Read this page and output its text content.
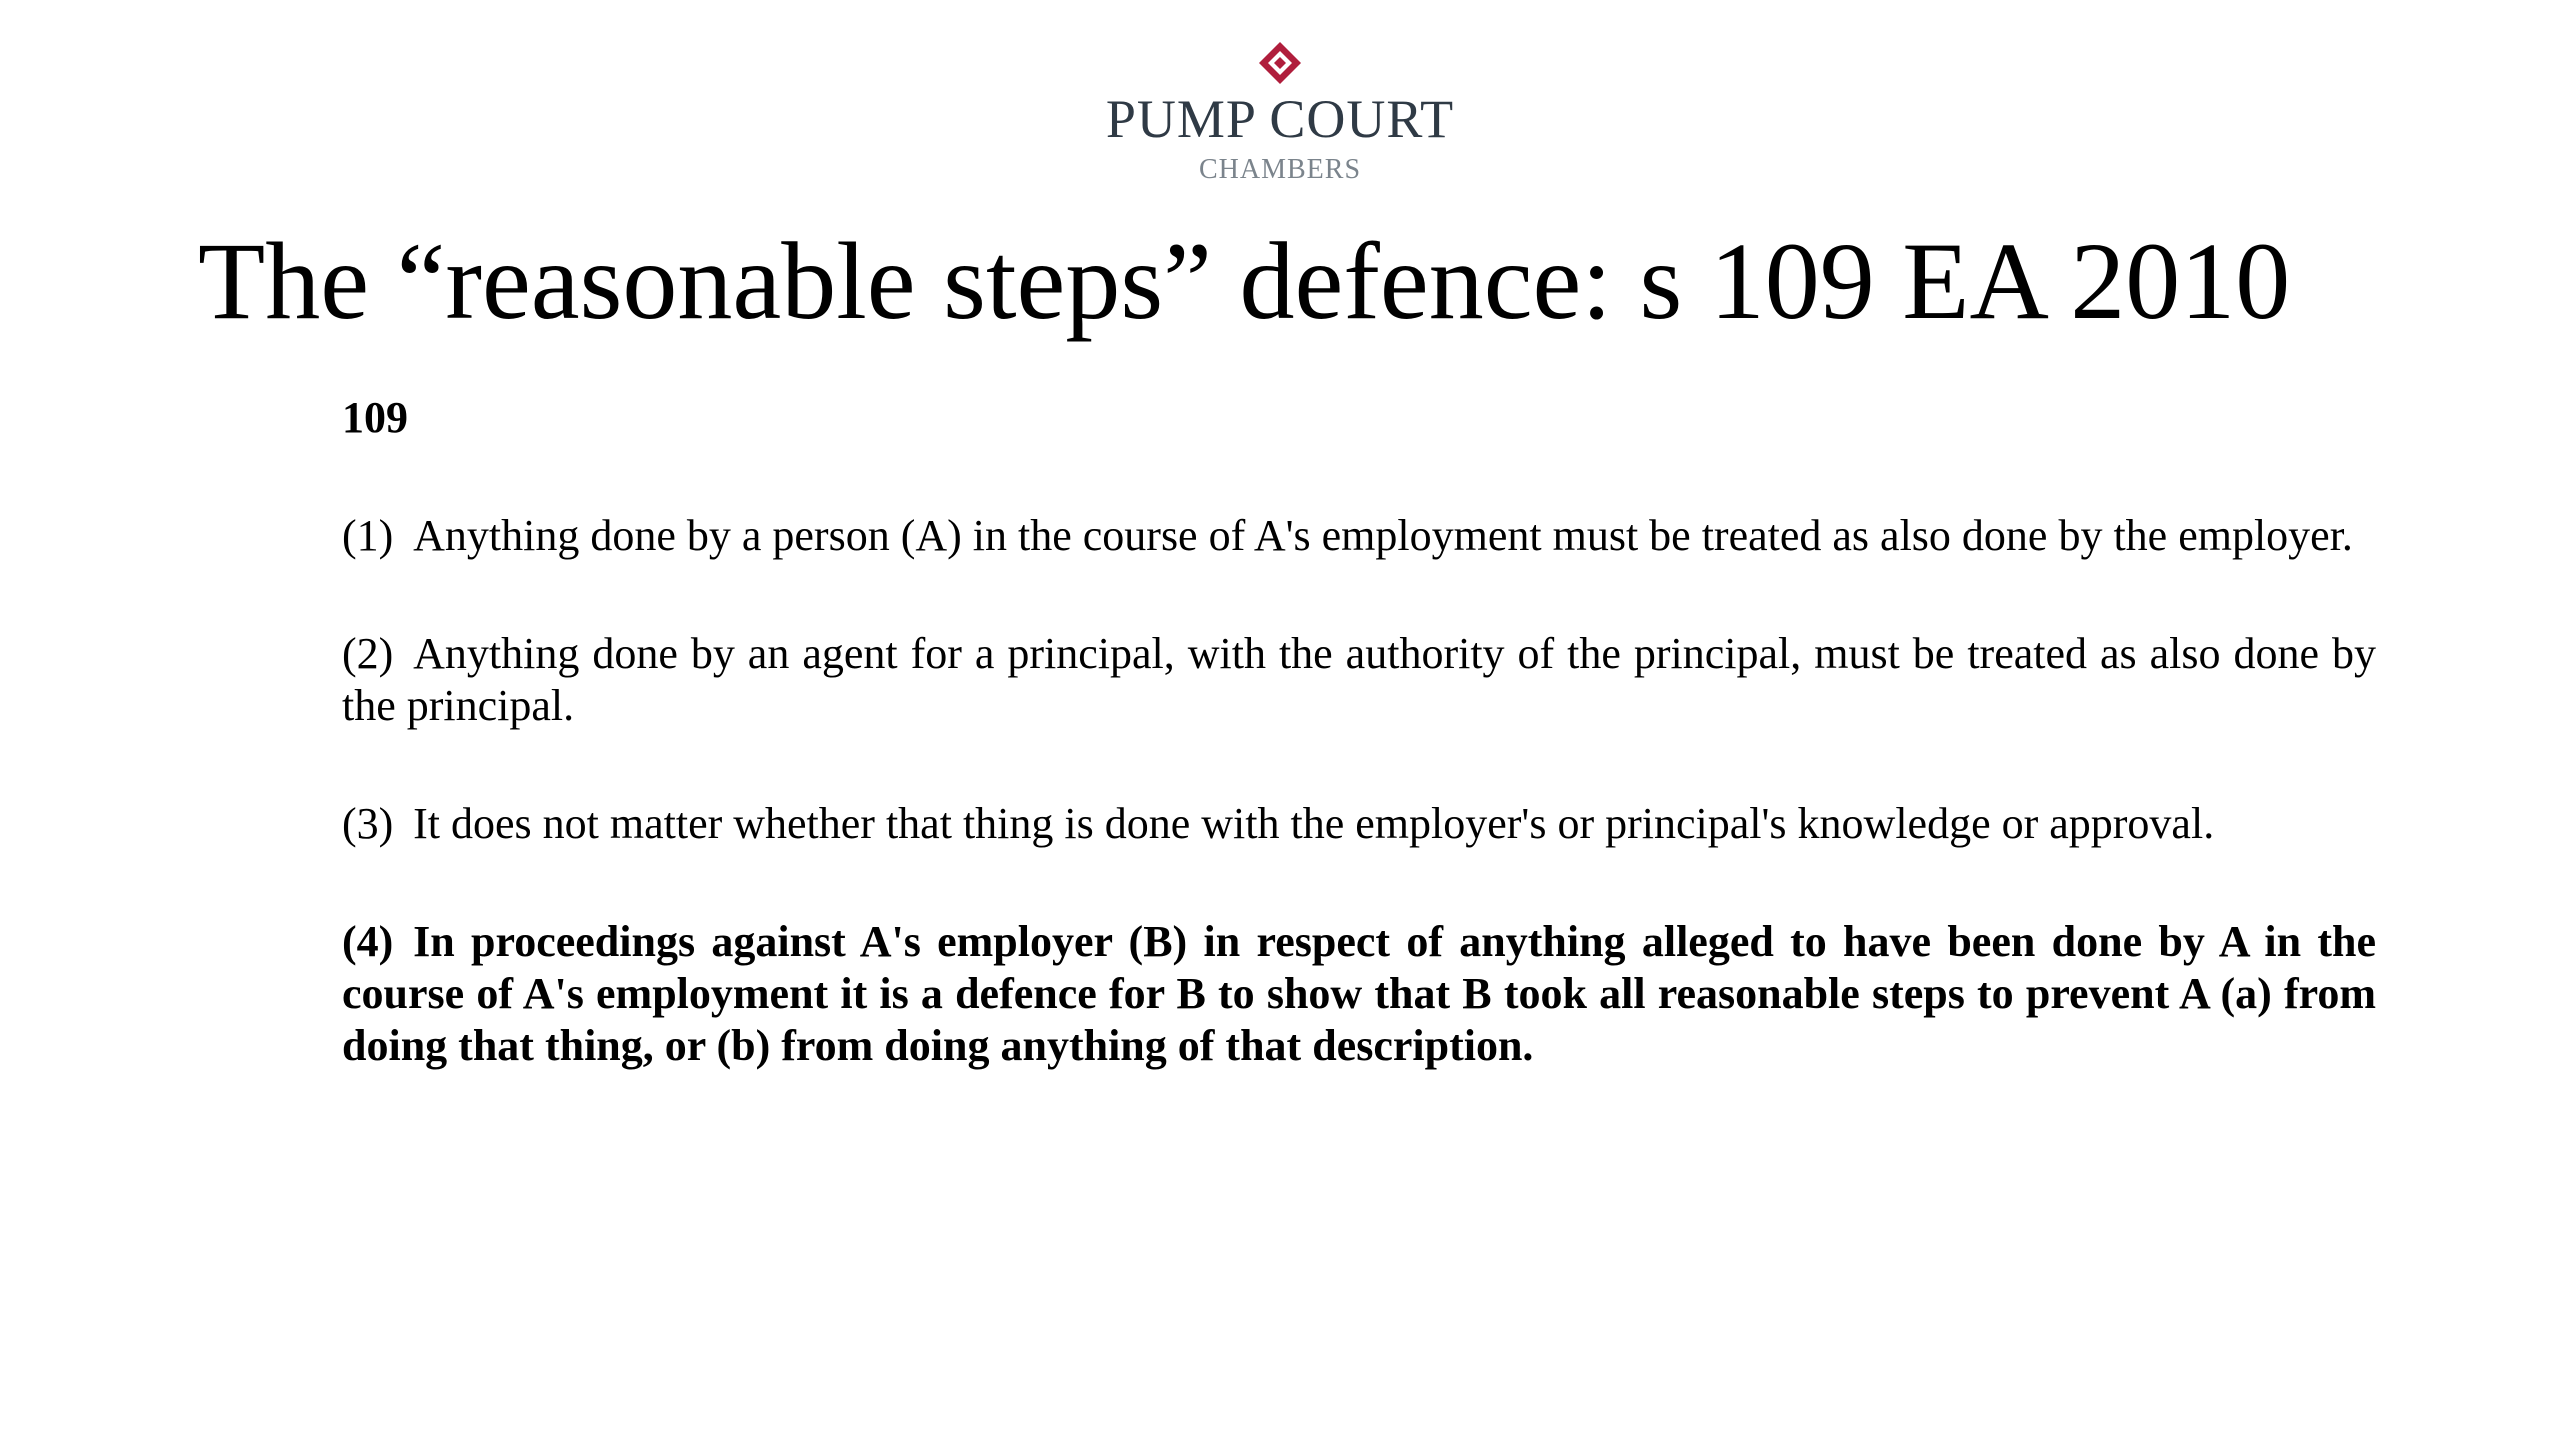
PUMP COURT
CHAMBERS
The “reasonable steps” defence: s 109 EA 2010

109

(1) Anything done by a person (A) in the course of A's employment must be treated as also done by the employer.

(2) Anything done by an agent for a principal, with the authority of the principal, must be treated as also done by the principal.

(3) It does not matter whether that thing is done with the employer's or principal's knowledge or approval.

(4) In proceedings against A's employer (B) in respect of anything alleged to have been done by A in the course of A's employment it is a defence for B to show that B took all reasonable steps to prevent A (a) from doing that thing, or (b) from doing anything of that description.
